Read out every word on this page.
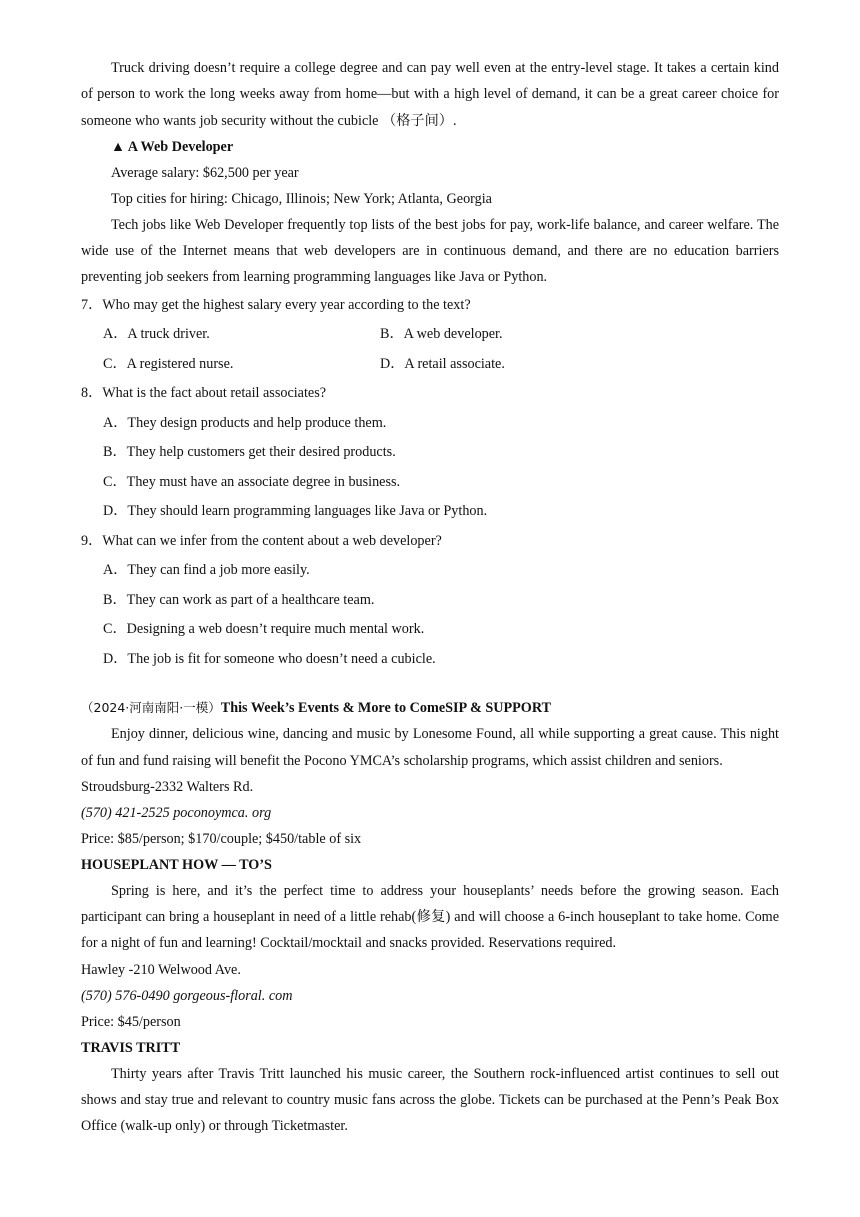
Truck driving doesn’t require a college degree and can pay well even at the entry-level stage. It takes a certain kind of person to work the long weeks away from home—but with a high level of demand, it can be a great career choice for someone who wants job security without the cubicle （格子间）.

▲ A Web Developer

Average salary: $62,500 per year

Top cities for hiring: Chicago, Illinois; New York; Atlanta, Georgia

Tech jobs like Web Developer frequently top lists of the best jobs for pay, work-life balance, and career welfare. The wide use of the Internet means that web developers are in continuous demand, and there are no education barriers preventing job seekers from learning programming languages like Java or Python.

7．Who may get the highest salary every year according to the text?

A．A truck driver.	B．A web developer.
C．A registered nurse.	D．A retail associate.

8．What is the fact about retail associates?

A．They design products and help produce them.

B．They help customers get their desired products.

C．They must have an associate degree in business.

D．They should learn programming languages like Java or Python.

9．What can we infer from the content about a web developer?

A．They can find a job more easily.

B．They can work as part of a healthcare team.

C．Designing a web doesn’t require much mental work.

D．The job is fit for someone who doesn’t need a cubicle.

（2024·河南南阳·一模）This Week’s Events & More to ComeSIP & SUPPORT

Enjoy dinner, delicious wine, dancing and music by Lonesome Found, all while supporting a great cause. This night of fun and fund raising will benefit the Pocono YMCA’s scholarship programs, which assist children and seniors.

Stroudsburg-2332 Walters Rd.

(570) 421-2525 poconoymca. org

Price: $85/person; $170/couple; $450/table of six

HOUSEPLANT HOW — TO’S

Spring is here, and it’s the perfect time to address your houseplants’ needs before the growing season. Each participant can bring a houseplant in need of a little rehab(修复) and will choose a 6-inch houseplant to take home. Come for a night of fun and learning! Cocktail/mocktail and snacks provided. Reservations required.

Hawley -210 Welwood Ave.

(570) 576-0490 gorgeous-floral. com

Price: $45/person

TRAVIS TRITT

Thirty years after Travis Tritt launched his music career, the Southern rock-influenced artist continues to sell out shows and stay true and relevant to country music fans across the globe. Tickets can be purchased at the Penn’s Peak Box Office (walk-up only) or through Ticketmaster.
